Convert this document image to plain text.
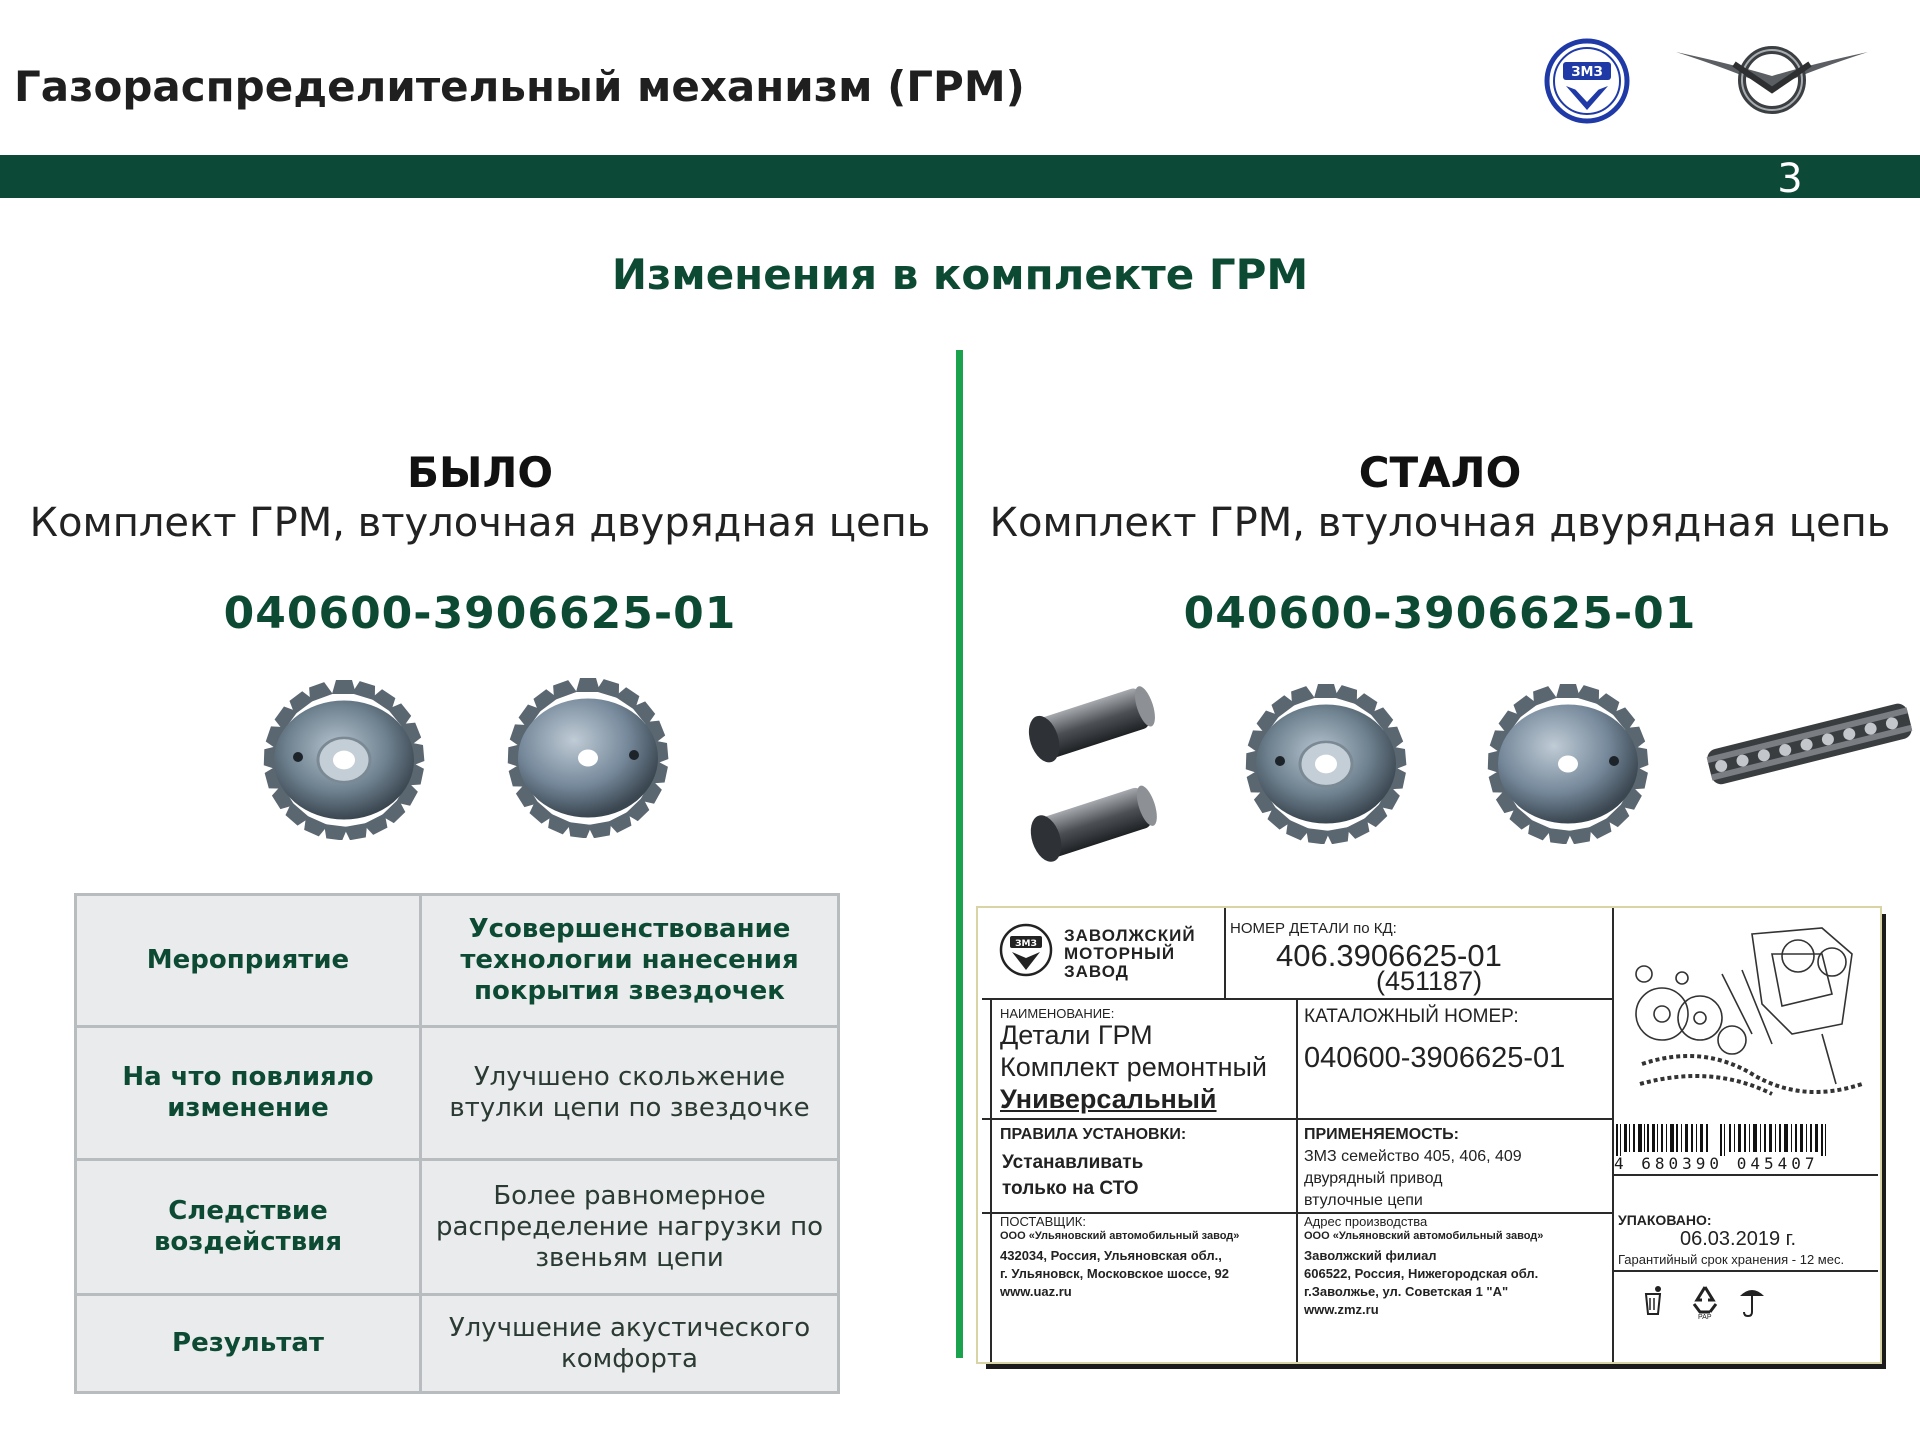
Газораспределительный механизм (ГРМ)	ЗМЗ
3
Изменения в комплекте ГРМ
БЫЛО
Комплект ГРМ, втулочная двурядная цепь
040600-3906625-01
СТАЛО
Комплект ГРМ, втулочная двурядная цепь
040600-3906625-01
Мероприятие	Усовершенствование технологии нанесения покрытия звездочек
На что повлияло изменение	Улучшено скольжение втулки цепи по звездочке
Следствие воздействия	Более равномерное распределение нагрузки по звеньям цепи
Результат	Улучшение акустического комфорта
ЗМЗ ЗАВОЛЖСКИЙ
МОТОРНЫЙ
ЗАВОД
НОМЕР ДЕТАЛИ по КД:
406.3906625-01
(451187)
НАИМЕНОВАНИЕ:
Детали ГРМ
Комплект ремонтный
Универсальный
КАТАЛОЖНЫЙ НОМЕР:
040600-3906625-01
ПРАВИЛА УСТАНОВКИ:
Устанавливать
только на СТО
ПРИМЕНЯЕМОСТЬ:
ЗМЗ семейство 405, 406, 409
двурядный привод
втулочные цепи
ПОСТАВЩИК:
ООО «Ульяновский автомобильный завод»
432034, Россия, Ульяновская обл.,
г. Ульяновск, Московское шоссе, 92
www.uaz.ru
Адрес производства
ООО «Ульяновский автомобильный завод»
Заволжский филиал
606522, Россия, Нижегородская обл.
г.Заволжье, ул. Советская 1 "А"
www.zmz.ru
4 680390 045407
УПАКОВАНО:
06.03.2019 г.
Гарантийный срок хранения - 12 мес.
PAP
